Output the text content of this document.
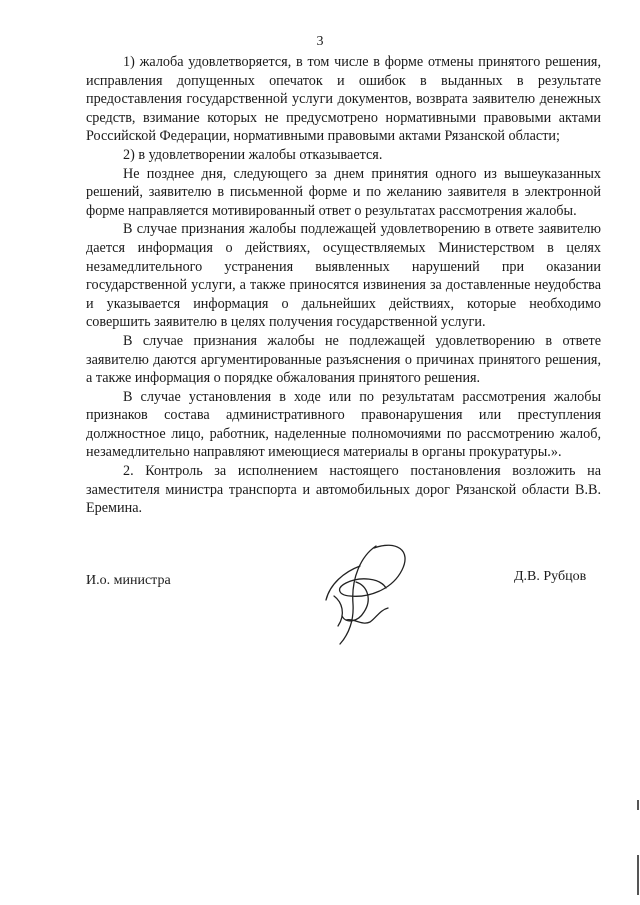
3

1) жалоба удовлетворяется, в том числе в форме отмены принятого решения, исправления допущенных опечаток и ошибок в выданных в результате предоставления государственной услуги документов, возврата заявителю денежных средств, взимание которых не предусмотрено нормативными правовыми актами Российской Федерации, нормативными правовыми актами Рязанской области;

2) в удовлетворении жалобы отказывается.

Не позднее дня, следующего за днем принятия одного из вышеуказанных решений, заявителю в письменной форме и по желанию заявителя в электронной форме направляется мотивированный ответ о результатах рассмотрения жалобы.

В случае признания жалобы подлежащей удовлетворению в ответе заявителю дается информация о действиях, осуществляемых Министерством в целях незамедлительного устранения выявленных нарушений при оказании государственной услуги, а также приносятся извинения за доставленные неудобства и указывается информация о дальнейших действиях, которые необходимо совершить заявителю в целях получения государственной услуги.

В случае признания жалобы не подлежащей удовлетворению в ответе заявителю даются аргументированные разъяснения о причинах принятого решения, а также информация о порядке обжалования принятого решения.

В случае установления в ходе или по результатам рассмотрения жалобы признаков состава административного правонарушения или преступления должностное лицо, работник, наделенные полномочиями по рассмотрению жалоб, незамедлительно направляют имеющиеся материалы в органы прокуратуры.».

2. Контроль за исполнением настоящего постановления возложить на заместителя министра транспорта и автомобильных дорог Рязанской области В.В. Еремина.

И.о. министра	Д.В. Рубцов
